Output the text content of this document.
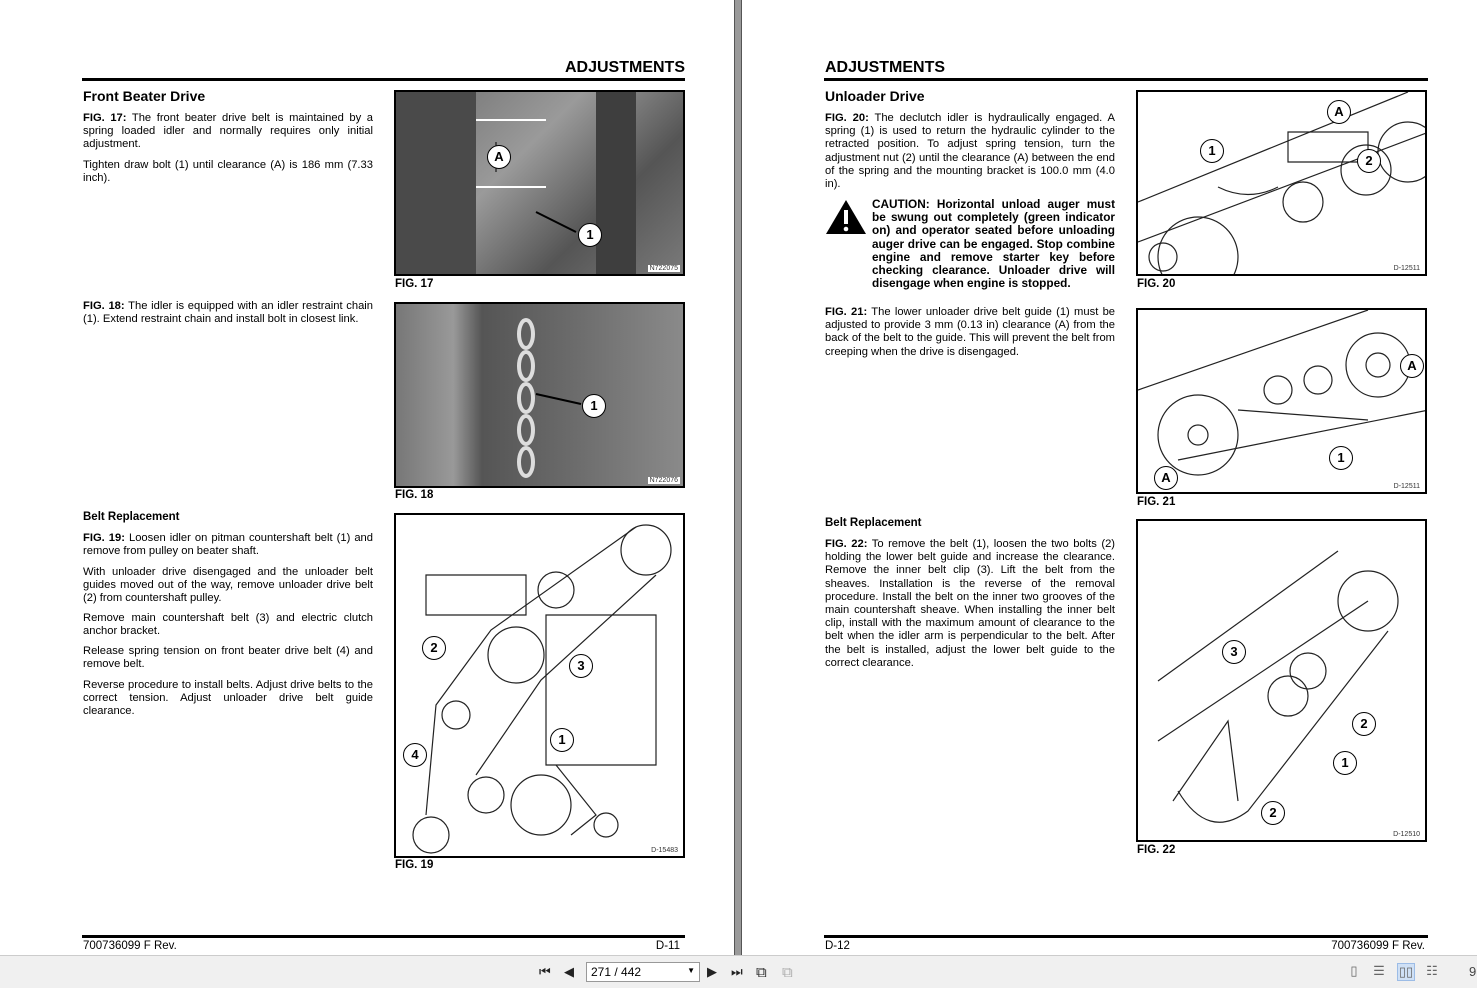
ADJUSTMENTS
Front Beater Drive
FIG. 17: The front beater drive belt is maintained by a spring loaded idler and normally requires only initial adjustment.
Tighten draw bolt (1) until clearance (A) is 186 mm (7.33 inch).
FIG. 18: The idler is equipped with an idler restraint chain (1). Extend restraint chain and install bolt in closest link.
Belt Replacement
FIG. 19: Loosen idler on pitman countershaft belt (1) and remove from pulley on beater shaft.
With unloader drive disengaged and the unloader belt guides moved out of the way, remove unloader drive belt (2) from countershaft pulley.
Remove main countershaft belt (3) and electric clutch anchor bracket.
Release spring tension on front beater drive belt (4) and remove belt.
Reverse procedure to install belts. Adjust drive belts to the correct tension. Adjust unloader drive belt guide clearance.
A
1
N722075
FIG. 17
1
N722076
FIG. 18
2
3
1
4
D-15483
FIG. 19
700736099 F Rev.	D-11
ADJUSTMENTS
Unloader Drive
FIG. 20: The declutch idler is hydraulically engaged. A spring (1) is used to return the hydraulic cylinder to the retracted position. To adjust spring tension, turn the adjustment nut (2) until the clearance (A) between the end of the spring and the mounting bracket is 100.0 mm (4.0 in).
CAUTION: Horizontal unload auger must be swung out completely (green indicator on) and operator seated before unloading auger drive can be engaged. Stop combine engine and remove starter key before checking clearance. Unloader drive will disengage when engine is stopped.
FIG. 21: The lower unloader drive belt guide (1) must be adjusted to provide 3 mm (0.13 in) clearance (A) from the back of the belt to the guide. This will prevent the belt from creeping when the drive is disengaged.
Belt Replacement
FIG. 22: To remove the belt (1), loosen the two bolts (2) holding the lower belt guide and increase the clearance. Remove the inner belt clip (3). Lift the belt from the sheaves. Installation is the reverse of the removal procedure. Install the belt on the inner two grooves of the main countershaft sheave. When installing the inner belt clip, install with the maximum amount of clearance to the belt when the idler arm is perpendicular to the belt. After the belt is installed, adjust the lower belt guide to the correct clearance.
A
1
2
D-12511
FIG. 20
A
A
1
D-12511
FIG. 21
3
2
1
2
D-12510
FIG. 22
D-12	700736099 F Rev.
⏮ ◀	271 / 442	▼ ▶ ⏭ ⧉ ⧉	▯	☰ ▯▯ ☷ 9
